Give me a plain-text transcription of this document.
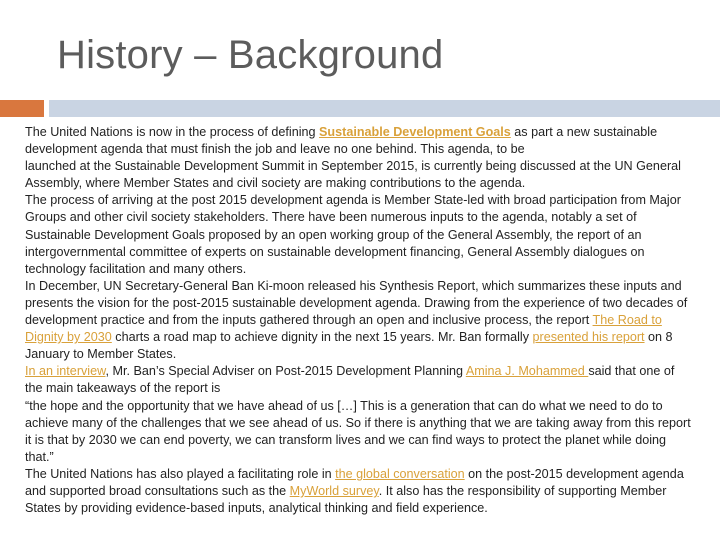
History – Background
The United Nations is now in the process of defining Sustainable Development Goals as part a new sustainable development agenda that must finish the job and leave no one behind. This agenda, to be
launched at the Sustainable Development Summit in September 2015, is currently being discussed at the UN General Assembly, where Member States and civil society are making contributions to the agenda.
The process of arriving at the post 2015 development agenda is Member State-led with broad participation from Major Groups and other civil society stakeholders. There have been numerous inputs to the agenda, notably a set of Sustainable Development Goals proposed by an open working group of the General Assembly, the report of an intergovernmental committee of experts on sustainable development financing, General Assembly dialogues on technology facilitation and many others.
In December, UN Secretary-General Ban Ki-moon released his Synthesis Report, which summarizes these inputs and presents the vision for the post-2015 sustainable development agenda. Drawing from the experience of two decades of development practice and from the inputs gathered through an open and inclusive process, the report The Road to Dignity by 2030 charts a road map to achieve dignity in the next 15 years. Mr. Ban formally presented his report on 8 January to Member States.
In an interview, Mr. Ban’s Special Adviser on Post-2015 Development Planning Amina J. Mohammed said that one of the main takeaways of the report is
“the hope and the opportunity that we have ahead of us […] This is a generation that can do what we need to do to achieve many of the challenges that we see ahead of us. So if there is anything that we are taking away from this report it is that by 2030 we can end poverty, we can transform lives and we can find ways to protect the planet while doing that.”
The United Nations has also played a facilitating role in the global conversation on the post-2015 development agenda and supported broad consultations such as the MyWorld survey. It also has the responsibility of supporting Member States by providing evidence-based inputs, analytical thinking and field experience.
